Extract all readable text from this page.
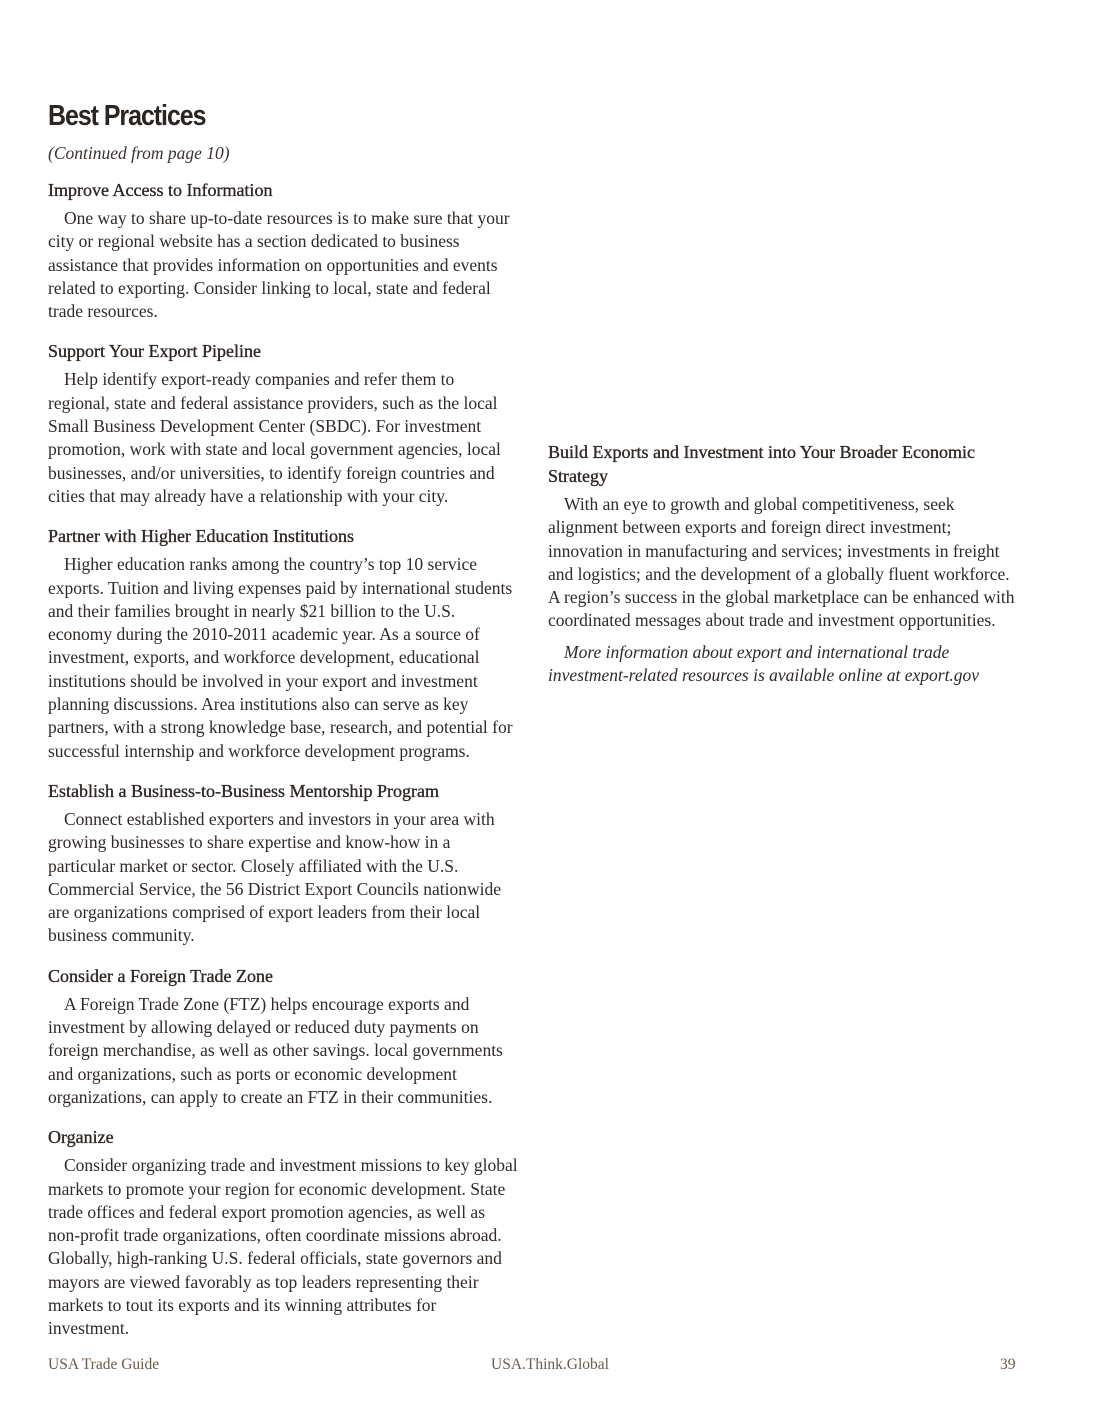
Best Practices
(Continued from page 10)
Improve Access to Information

One way to share up-to-date resources is to make sure that your city or regional website has a section dedicated to business assistance that provides information on opportunities and events related to exporting. Consider linking to local, state and federal trade resources.

Support Your Export Pipeline

Help identify export-ready companies and refer them to regional, state and federal assistance providers, such as the local Small Business Development Center (SBDC). For investment promotion, work with state and local government agencies, local businesses, and/or universities, to identify foreign countries and cities that may already have a relationship with your city.

Partner with Higher Education Institutions

Higher education ranks among the country’s top 10 service exports. Tuition and living expenses paid by international students and their families brought in nearly $21 billion to the U.S. economy during the 2010-2011 academic year. As a source of investment, exports, and workforce development, educational institutions should be involved in your export and investment planning discussions. Area institutions also can serve as key partners, with a strong knowledge base, research, and potential for successful internship and workforce development programs.

Establish a Business-to-Business Mentorship Program

Connect established exporters and investors in your area with growing businesses to share expertise and know-how in a particular market or sector. Closely affiliated with the U.S. Commercial Service, the 56 District Export Councils nationwide are organizations comprised of export leaders from their local business community.

Consider a Foreign Trade Zone

A Foreign Trade Zone (FTZ) helps encourage exports and investment by allowing delayed or reduced duty payments on foreign merchandise, as well as other savings. local governments and organizations, such as ports or economic development organizations, can apply to create an FTZ in their communities.

Organize

Consider organizing trade and investment missions to key global markets to promote your region for economic development. State trade offices and federal export promotion agencies, as well as non-profit trade organizations, often coordinate missions abroad. Globally, high-ranking U.S. federal officials, state governors and mayors are viewed favorably as top leaders representing their markets to tout its exports and its winning attributes for investment.

Build Exports and Investment into Your Broader Economic Strategy

With an eye to growth and global competitiveness, seek alignment between exports and foreign direct investment; innovation in manufacturing and services; investments in freight and logistics; and the development of a globally fluent workforce. A region’s success in the global marketplace can be enhanced with coordinated messages about trade and investment opportunities.

More information about export and international trade investment-related resources is available online at export.gov

USA Trade Guide	USA.Think.Global	39
